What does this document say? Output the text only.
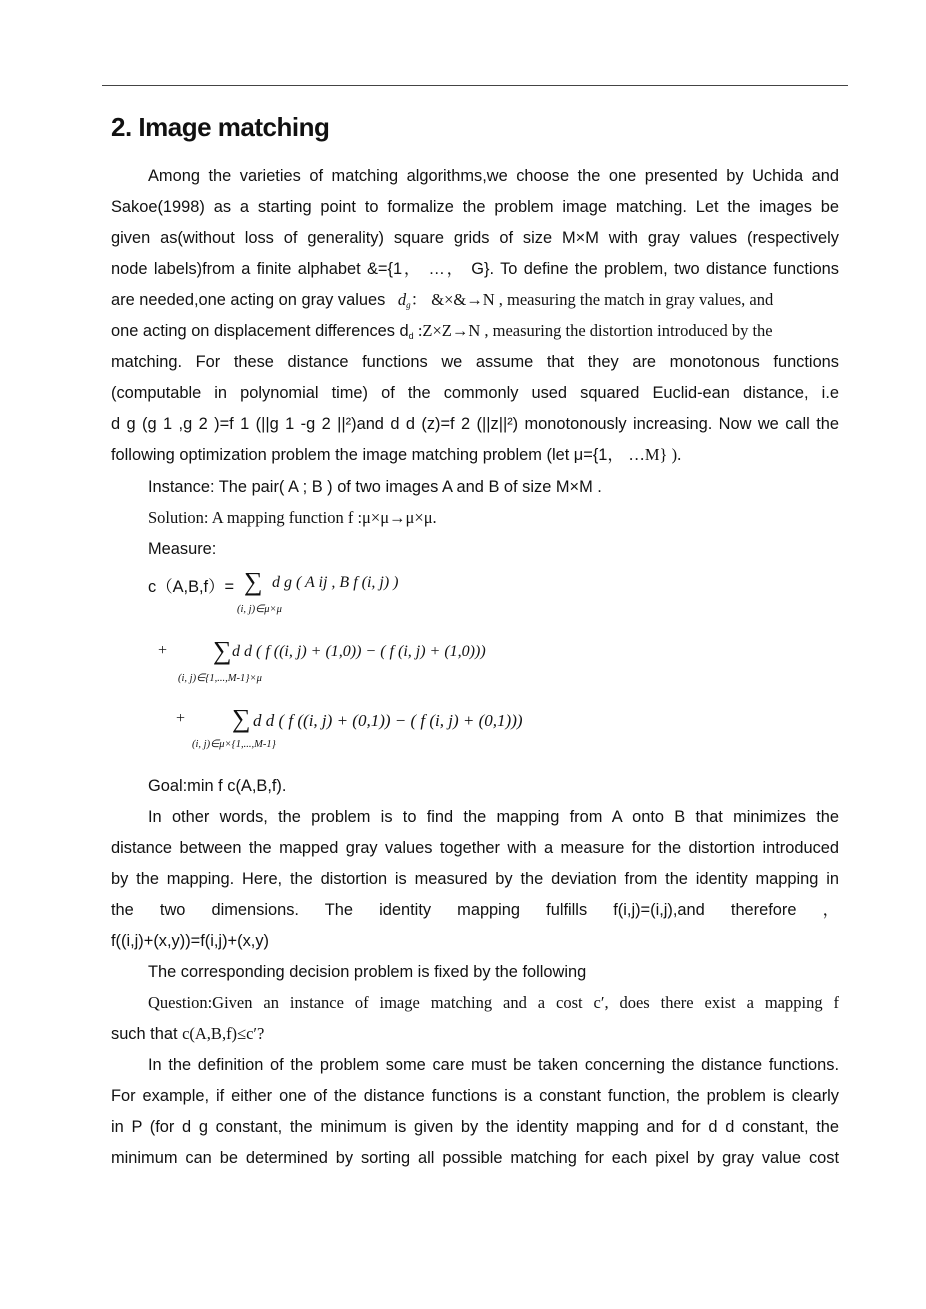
2. Image matching
Among the varieties of matching algorithms,we choose the one presented by Uchida and
Sakoe(1998) as a starting point to formalize the problem image matching. Let the images be
given as(without loss of generality) square grids of size M×M with gray values (respectively
node labels)from a finite alphabet &={1， …， G}. To define the problem, two distance functions
are needed,one acting on gray values $d_g$： &×&→N , measuring the match in gray values, and
one acting on displacement differences $d_d$ :Z×Z→N , measuring the distortion introduced by the
matching. For these distance functions we assume that they are monotonous functions
(computable in polynomial time) of the commonly used squared Euclid-ean distance, i.e
d g (g 1 ,g 2 )=f 1 (||g 1 -g 2 ||²)and d d (z)=f 2 (||z||²) monotonously increasing. Now we call the
following optimization problem the image matching problem (let μ={1， …M} ).
Instance: The pair( A ; B ) of two images A and B of size M×M .
Solution: A mapping function f :μ×μ→μ×μ.
Measure:
c（A,B,f）= ∑ d g ( A ij , B f (i, j) )
(i, j)∈μ×μ
+ ∑ d d ( f ((i, j) + (1,0)) − ( f (i, j) + (1,0)))
(i, j)∈{1,...,M-1}×μ
+ ∑ d d ( f ((i, j) + (0,1)) − ( f (i, j) + (0,1)))
(i, j)∈μ×{1,...,M-1}
Goal:min f c(A,B,f).
In other words, the problem is to find the mapping from A onto B that minimizes the
distance between the mapped gray values together with a measure for the distortion introduced
by the mapping. Here, the distortion is measured by the deviation from the identity mapping in
the two dimensions. The identity mapping fulfills f(i,j)=(i,j),and therefore ，
f((i,j)+(x,y))=f(i,j)+(x,y)
The corresponding decision problem is fixed by the following
Question:Given an instance of image matching and a cost c′, does there exist a mapping f
such that c(A,B,f)≤c′?
In the definition of the problem some care must be taken concerning the distance functions.
For example, if either one of the distance functions is a constant function, the problem is clearly
in P (for d g constant, the minimum is given by the identity mapping and for d d constant, the
minimum can be determined by sorting all possible matching for each pixel by gray value cost
